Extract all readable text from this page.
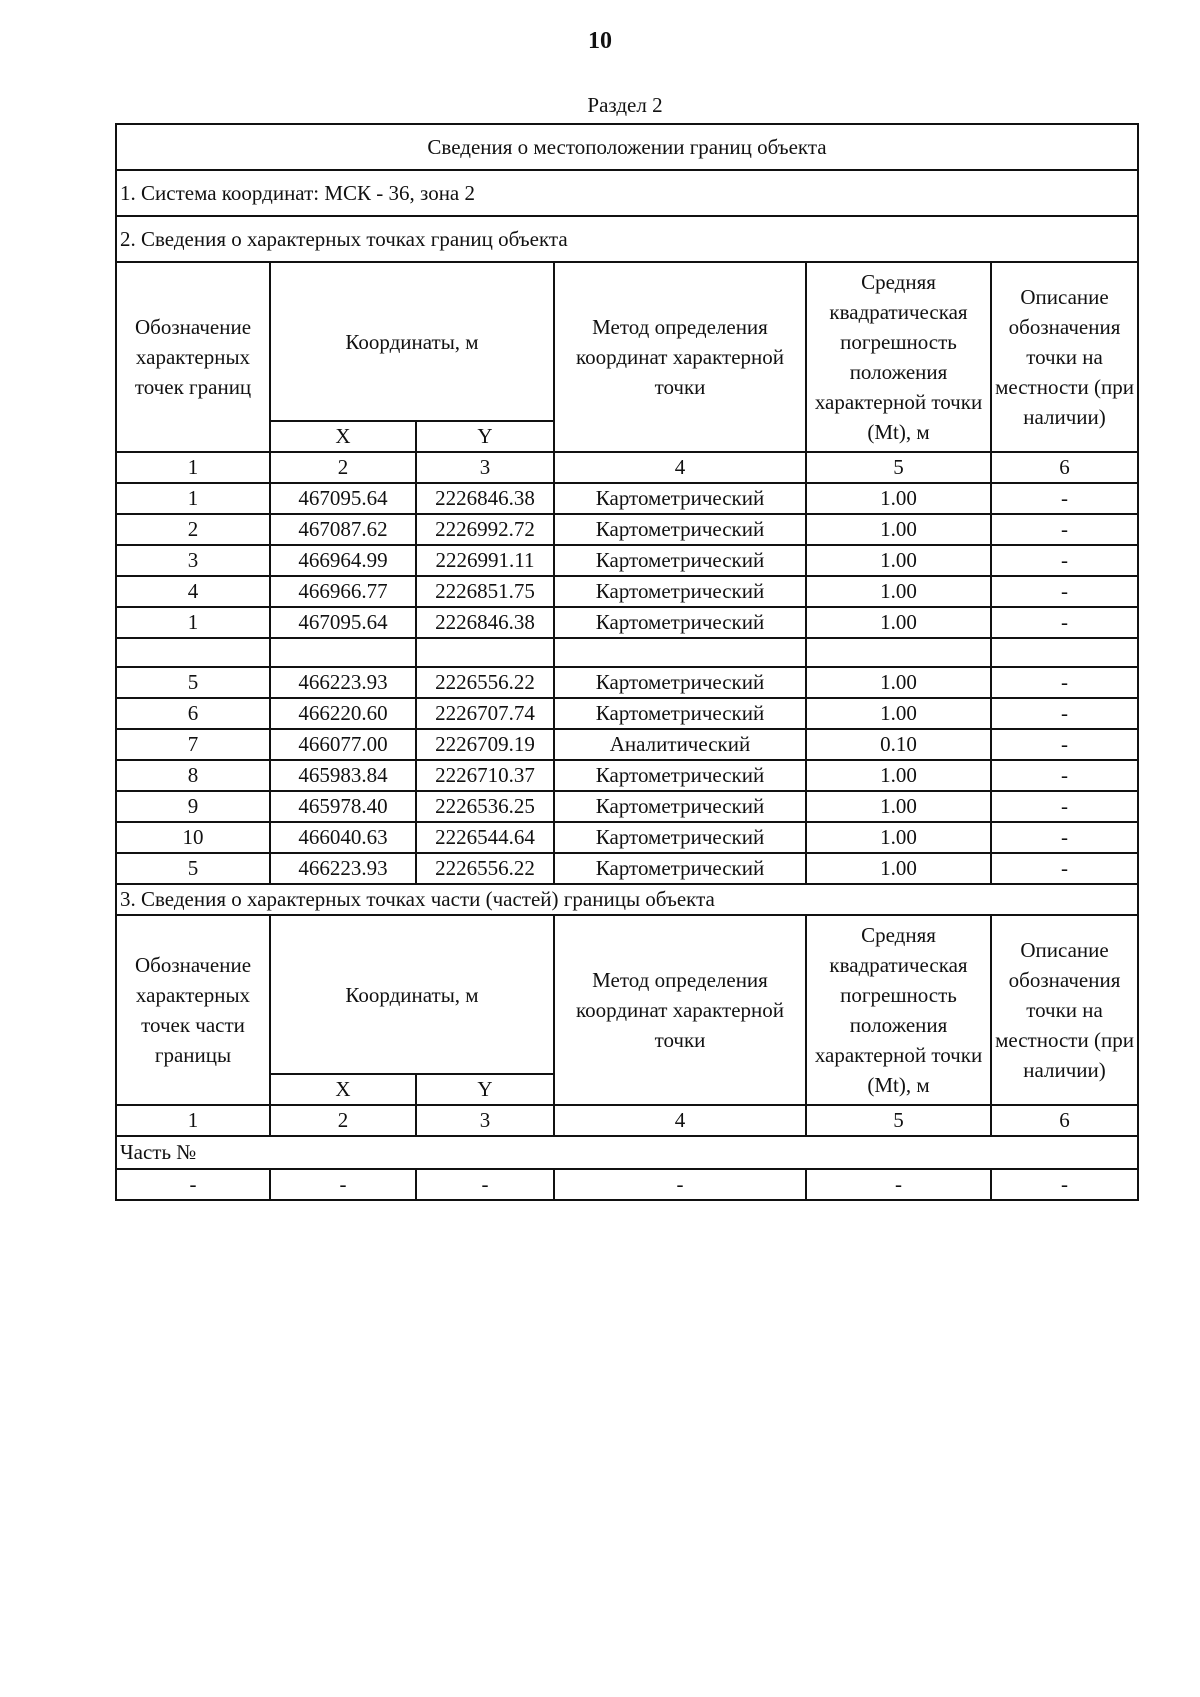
10
Раздел 2
Сведения о местоположении границ объекта					
1. Система координат: МСК - 36, зона 2					
2. Сведения о характерных точках границ объекта					
Обозначение характерных точек границ	Координаты, м		Метод определения координат характерной точки	Средняя квадратическая погрешность положения характерной точки (Mt), м	Описание обозначения точки на местности (при наличии)
	X	Y			
1	2	3	4	5	6
1	467095.64	2226846.38	Картометрический	1.00	-
2	467087.62	2226992.72	Картометрический	1.00	-
3	466964.99	2226991.11	Картометрический	1.00	-
4	466966.77	2226851.75	Картометрический	1.00	-
1	467095.64	2226846.38	Картометрический	1.00	-

5	466223.93	2226556.22	Картометрический	1.00	-
6	466220.60	2226707.74	Картометрический	1.00	-
7	466077.00	2226709.19	Аналитический	0.10	-
8	465983.84	2226710.37	Картометрический	1.00	-
9	465978.40	2226536.25	Картометрический	1.00	-
10	466040.63	2226544.64	Картометрический	1.00	-
5	466223.93	2226556.22	Картометрический	1.00	-
3. Сведения о характерных точках части (частей) границы объекта					
Обозначение характерных точек части границы	Координаты, м		Метод определения координат характерной точки	Средняя квадратическая погрешность положения характерной точки (Mt), м	Описание обозначения точки на местности (при наличии)
	X	Y			
1	2	3	4	5	6
Часть №					
-	-	-	-	-	-
